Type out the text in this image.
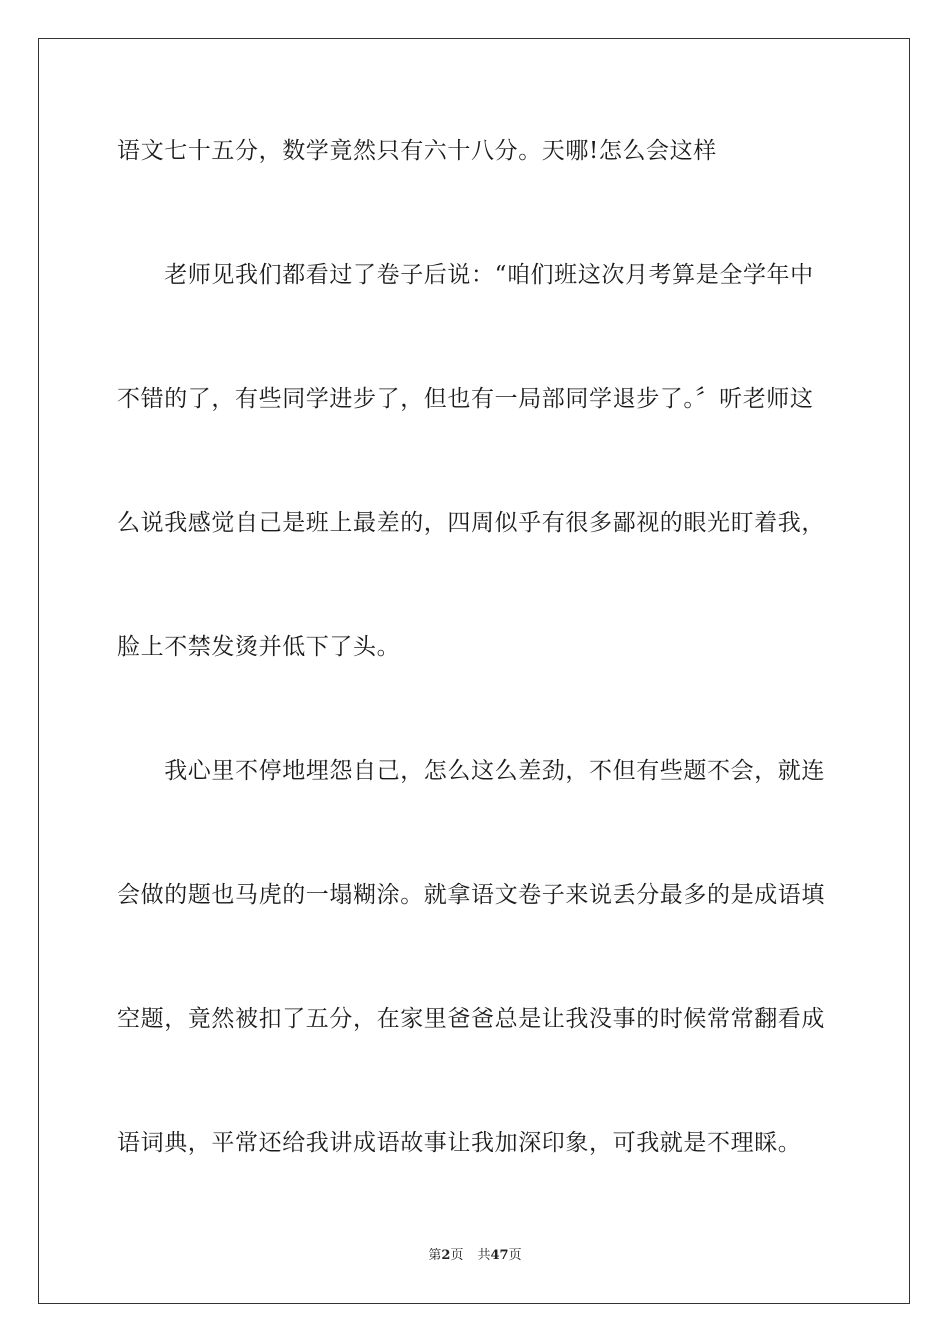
语文七十五分，数学竟然只有六十八分。天哪!怎么会这样
　　老师见我们都看过了卷子后说：“咱们班这次月考算是全学年中
不错的了，有些同学进步了，但也有一局部同学退步了。〞听老师这
么说我感觉自己是班上最差的，四周似乎有很多鄙视的眼光盯着我，
脸上不禁发烫并低下了头。
　　我心里不停地埋怨自己，怎么这么差劲，不但有些题不会，就连
会做的题也马虎的一塌糊涂。就拿语文卷子来说丢分最多的是成语填
空题，竟然被扣了五分，在家里爸爸总是让我没事的时候常常翻看成
语词典，平常还给我讲成语故事让我加深印象，可我就是不理睬。
第2页 共47页
